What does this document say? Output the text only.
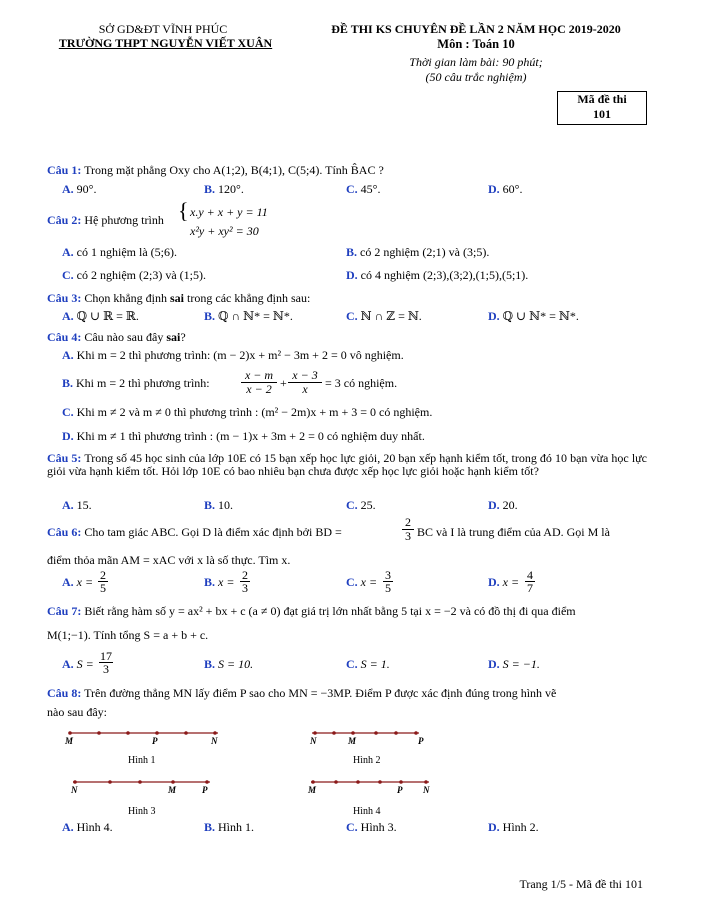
SỞ GD&ĐT VĨNH PHÚC
TRƯỜNG THPT NGUYỄN VIẾT XUÂN
ĐỀ THI KS CHUYÊN ĐỀ LẦN 2 NĂM HỌC 2019-2020
Môn : Toán 10
Thời gian làm bài: 90 phút;
(50 câu trắc nghiệm)
Mã đề thi
101
Câu 1: Trong mặt phẳng Oxy cho A(1;2), B(4;1), C(5;4). Tính B̂AC ?
A. 90°.	B. 120°.	C. 45°.	D. 60°.
Câu 2: Hệ phương trình { x.y + x + y = 11
x²y + xy² = 30
A. có 1 nghiệm là (5;6).	B. có 2 nghiệm (2;1) và (3;5).
C. có 2 nghiệm (2;3) và (1;5).	D. có 4 nghiệm (2;3),(3;2),(1;5),(5;1).
Câu 3: Chọn khẳng định sai trong các khẳng định sau:
A. ℚ ∪ ℝ = ℝ.	B. ℚ ∩ ℕ* = ℕ*.	C. ℕ ∩ ℤ = ℕ.	D. ℚ ∪ ℕ* = ℕ*.
Câu 4: Câu nào sau đây sai?
A. Khi m = 2 thì phương trình: (m − 2)x + m² − 3m + 2 = 0 vô nghiệm.
B. Khi m = 2 thì phương trình:	$\frac{x - m}{x - 2} + \frac{x - 3}{x} = 3$ có nghiệm.
C. Khi m ≠ 2 và m ≠ 0 thì phương trình : (m² − 2m)x + m + 3 = 0 có nghiệm.
D. Khi m ≠ 1 thì phương trình : (m − 1)x + 3m + 2 = 0 có nghiệm duy nhất.
Câu 5: Trong số 45 học sinh của lớp 10E có 15 bạn xếp học lực giỏi, 20 bạn xếp hạnh kiểm tốt, trong đó 10 bạn vừa học lực giỏi vừa hạnh kiểm tốt. Hỏi lớp 10E có bao nhiêu bạn chưa được xếp học lực giỏi hoặc hạnh kiểm tốt?
A. 15.	B. 10.	C. 25.	D. 20.
Câu 6: Cho tam giác ABC. Gọi D là điểm xác định bởi BD =	$\frac{2}{3}$ BC và I là trung điểm của AD. Gọi M là
điểm thỏa mãn AM = xAC với x là số thực. Tìm x.
A. $x = \frac{2}{5}$	B. $x = \frac{2}{3}$	C. $x = \frac{3}{5}$	D. $x = \frac{4}{7}$
Câu 7: Biết rằng hàm số y = ax² + bx + c (a ≠ 0) đạt giá trị lớn nhất bằng 5 tại x = −2 và có đồ thị đi qua điểm
M(1;−1). Tính tổng S = a + b + c.
A. $S = \frac{17}{3}$	B. S = 10.	C. S = 1.	D. S = −1.
Câu 8: Trên đường thẳng MN lấy điểm P sao cho MN = −3MP. Điểm P được xác định đúng trong hình vẽ
nào sau đây:
M	P	N
Hình 1
N	M	P
Hình 2
N	M	P
Hình 3
M	P N
Hình 4
A. Hình 4.	B. Hình 1.	C. Hình 3.	D. Hình 2.
Trang 1/5 - Mã đề thi 101
